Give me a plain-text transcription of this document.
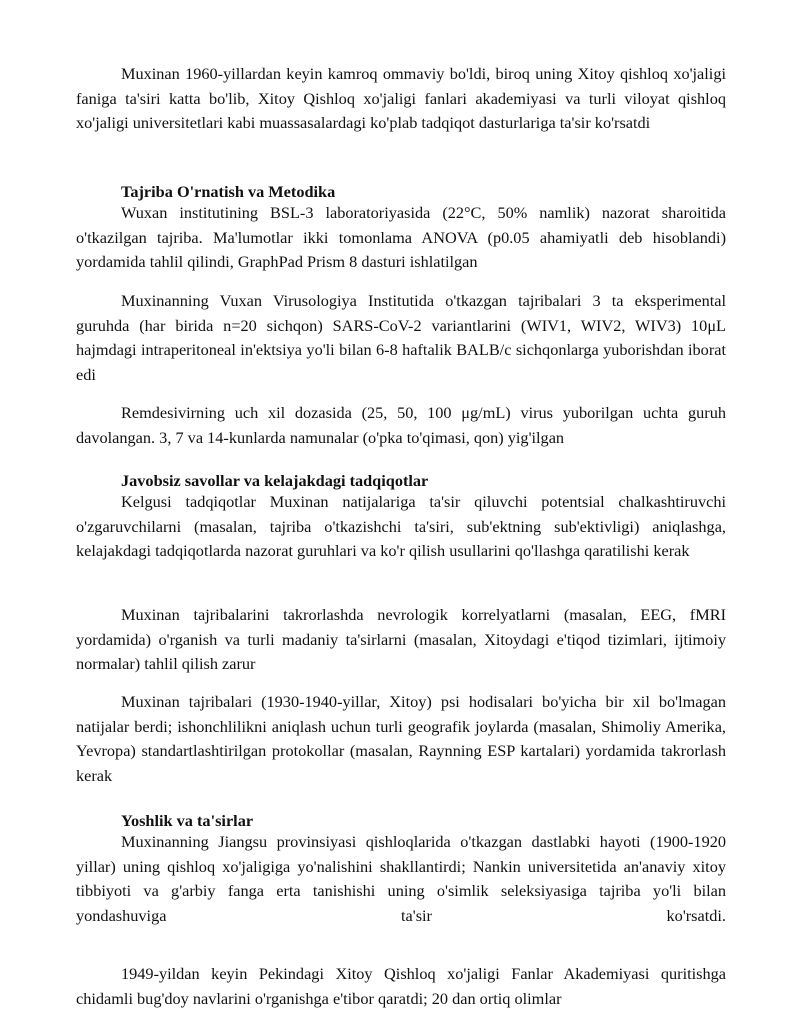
Muxinan 1960-yillardan keyin kamroq ommaviy bo'ldi, biroq uning Xitoy qishloq xo'jaligi faniga ta'siri katta bo'lib, Xitoy Qishloq xo'jaligi fanlari akademiyasi va turli viloyat qishloq xo'jaligi universitetlari kabi muassasalardagi ko'plab tadqiqot dasturlariga ta'sir ko'rsatdi

Tajriba O'rnatish va Metodika

Wuxan institutining BSL-3 laboratoriyasida (22°C, 50% namlik) nazorat sharoitida o'tkazilgan tajriba. Ma'lumotlar ikki tomonlama ANOVA (p0.05 ahamiyatli deb hisoblandi) yordamida tahlil qilindi, GraphPad Prism 8 dasturi ishlatilgan

Muxinanning Vuxan Virusologiya Institutida o'tkazgan tajribalari 3 ta eksperimental guruhda (har birida n=20 sichqon) SARS-CoV-2 variantlarini (WIV1, WIV2, WIV3) 10μL hajmdagi intraperitoneal in'ektsiya yo'li bilan 6-8 haftalik BALB/c sichqonlarga yuborishdan iborat edi

Remdesivirning uch xil dozasida (25, 50, 100 μg/mL) virus yuborilgan uchta guruh davolangan. 3, 7 va 14-kunlarda namunalar (o'pka to'qimasi, qon) yig'ilgan

Javobsiz savollar va kelajakdagi tadqiqotlar

Kelgusi tadqiqotlar Muxinan natijalariga ta'sir qiluvchi potentsial chalkashtiruvchi o'zgaruvchilarni (masalan, tajriba o'tkazishchi ta'siri, sub'ektning sub'ektivligi) aniqlashga, kelajakdagi tadqiqotlarda nazorat guruhlari va ko'r qilish usullarini qo'llashga qaratilishi kerak

Muxinan tajribalarini takrorlashda nevrologik korrelyatlarni (masalan, EEG, fMRI yordamida) o'rganish va turli madaniy ta'sirlarni (masalan, Xitoydagi e'tiqod tizimlari, ijtimoiy normalar) tahlil qilish zarur

Muxinan tajribalari (1930-1940-yillar, Xitoy) psi hodisalari bo'yicha bir xil bo'lmagan natijalar berdi; ishonchlilikni aniqlash uchun turli geografik joylarda (masalan, Shimoliy Amerika, Yevropa) standartlashtirilgan protokollar (masalan, Raynning ESP kartalari) yordamida takrorlash kerak

Yoshlik va ta'sirlar

Muxinanning Jiangsu provinsiyasi qishloqlarida o'tkazgan dastlabki hayoti (1900-1920 yillar) uning qishloq xo'jaligiga yo'nalishini shakllantirdi; Nankin universitetida an'anaviy xitoy tibbiyoti va g'arbiy fanga erta tanishishi uning o'simlik seleksiyasiga tajriba yo'li bilan yondashuviga ta'sir ko'rsatdi.

1949-yildan keyin Pekindagi Xitoy Qishloq xo'jaligi Fanlar Akademiyasi quritishga chidamli bug'doy navlarini o'rganishga e'tibor qaratdi; 20 dan ortiq olimlar
